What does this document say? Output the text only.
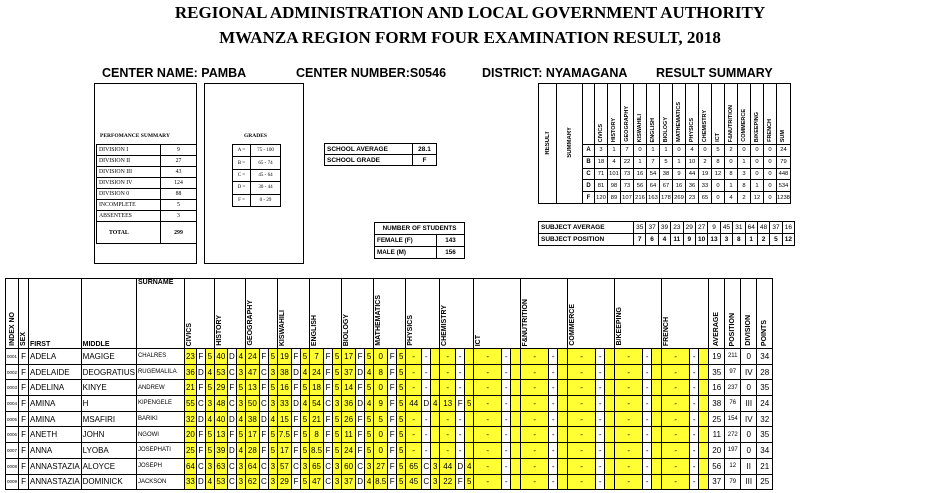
REGIONAL ADMINISTRATION AND LOCAL GOVERNMENT AUTHORITY
MWANZA REGION FORM FOUR EXAMINATION RESULT, 2018
CENTER NAME: PAMBA	CENTER NUMBER:S0546	DISTRICT: NYAMAGANA RESULT SUMMARY
PERFOMANCE SUMMARY
DIVISION I	9
DIVISION II	27
DIVISION III	43
DIVISION IV	124
DIVISION 0	88
INCOMPLETE	5
ABSENTEES	3
TOTAL	299
GRADES
A =	75 - 100
B =	65 - 74
C =	45 - 64
D =	30 - 44
F =	0 - 29
SCHOOL AVERAGE	28.1
SCHOOL GRADE	F
NUMBER OF STUDENTS	
FEMALE (F)	143
MALE (M)	156
RESULT	SUMMARY		CIVICS	HISTORY	GEOGRAPHY	KISWAHILI	ENGLISH	BIOLOGY	MATHEMATICS	PHYSICS	CHEMISTRY	ICT	F&NUTRITION	COMMERCE	B/KEEPING	FRENCH	SUM
		A	3	1	7	0	1	1	0	4	0	5	2	0	0	0	24
		B	18	4	22	1	7	5	1	10	2	8	0	1	0	0	79
		C	71	101	73	16	54	38	9	44	19	12	8	3	0	0	448
		D	81	98	73	56	64	67	16	36	33	0	1	8	1	0	534
		F	120	89	107	216	163	178	269	23	65	0	4	2	12	0	1238
SUBJECT AVERAGE	35	37	39	23	29	27	9	45	31	64	48	37	16
SUBJECT POSITION	7	6	4	11	9	10	13	3	8	1	2	5	12
INDEX NO	SEX	FIRST	MIDDLE	SURNAME	CIVICS			HISTORY			GEOGRAPHY			KISWAHILI			ENGLISH			BIOLOGY			MATHEMATICS			PHYSICS			CHEMISTRY			ICT			F&NUTRITION			COMMERCE			B/KEEPING			FRENCH			AVERAGE	POSITION	DIVISION	POINTS
0001	F	ADELA	MAGIGE	CHALRES	23	F	5	40	D	4	24	F	5	19	F	5	7	F	5	17	F	5	0	F	5	-	-		-	-		-	-		-	-		-	-		-	-		-	-		19	211	0	34
0002	F	ADELAIDE	DEOGRATIUS	RUGEMALILA	36	D	4	53	C	3	47	C	3	38	D	4	24	F	5	37	D	4	8	F	5	-	-		-	-		-	-		-	-		-	-		-	-		-	-		35	97	IV	28
0003	F	ADELINA	KINYE	ANDREW	21	F	5	29	F	5	13	F	5	16	F	5	18	F	5	14	F	5	0	F	5	-	-		-	-		-	-		-	-		-	-		-	-		-	-		16	237	0	35
0004	F	AMINA	H	KIPENGELE	55	C	3	48	C	3	50	C	3	33	D	4	54	C	3	36	D	4	9	F	5	44	D	4	13	F	5	-	-		-	-		-	-		-	-		-	-		38	76	III	24
0005	F	AMINA	MSAFIRI	BARIKI	32	D	4	40	D	4	38	D	4	15	F	5	21	F	5	26	F	5	5	F	5	-	-		-	-		-	-		-	-		-	-		-	-		-	-		25	154	IV	32
0006	F	ANETH	JOHN	NGOWI	20	F	5	13	F	5	17	F	5	7.5	F	5	8	F	5	11	F	5	0	F	5	-	-		-	-		-	-		-	-		-	-		-	-		-	-		11	272	0	35
0007	F	ANNA	LYOBA	JOSEPHATI	25	F	5	39	D	4	28	F	5	17	F	5	8.5	F	5	24	F	5	0	F	5	-	-		-	-		-	-		-	-		-	-		-	-		-	-		20	197	0	34
0008	F	ANNASTAZIA	ALOYCE	JOSEPH	64	C	3	63	C	3	64	C	3	57	C	3	65	C	3	60	C	3	27	F	5	65	C	3	44	D	4	-	-		-	-		-	-		-	-		-	-		56	12	II	21
0009	F	ANNASTAZIA	DOMINICK	JACKSON	33	D	4	53	C	3	62	C	3	29	F	5	47	C	3	37	D	4	8.5	F	5	45	C	3	22	F	5	-	-		-	-		-	-		-	-		-	-		37	79	III	25
